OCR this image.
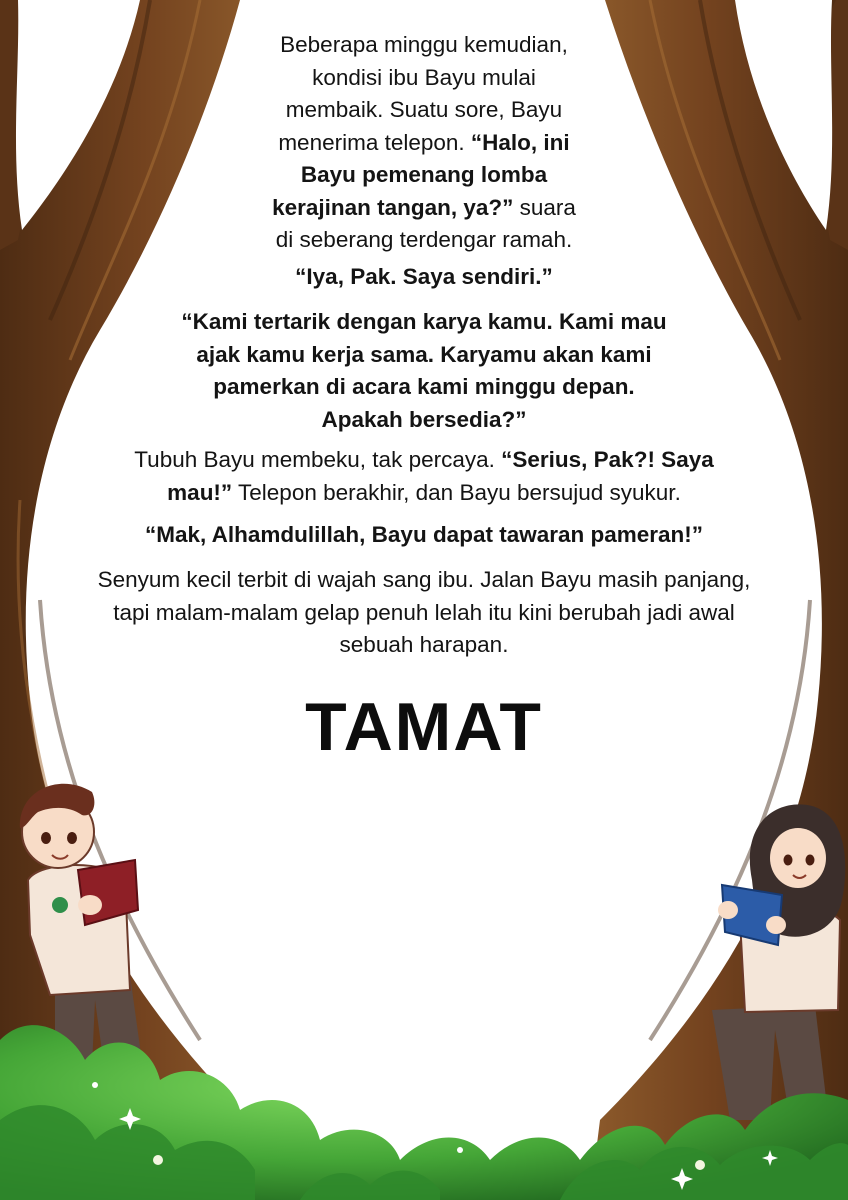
Beberapa minggu kemudian,

kondisi ibu Bayu mulai

membaik. Suatu sore, Bayu

menerima telepon. “Halo, ini

Bayu pemenang lomba

kerajinan tangan, ya?” suara

di seberang terdengar ramah.

“Iya, Pak. Saya sendiri.”

“Kami tertarik dengan karya kamu. Kami mau

ajak kamu kerja sama. Karyamu akan kami

pamerkan di acara kami minggu depan.

Apakah bersedia?”

Tubuh Bayu membeku, tak percaya. “Serius, Pak?! Saya

mau!” Telepon berakhir, dan Bayu bersujud syukur.

“Mak, Alhamdulillah, Bayu dapat tawaran pameran!”

Senyum kecil terbit di wajah sang ibu. Jalan Bayu masih panjang,

tapi malam-malam gelap penuh lelah itu kini berubah jadi awal

sebuah harapan.

TAMAT
